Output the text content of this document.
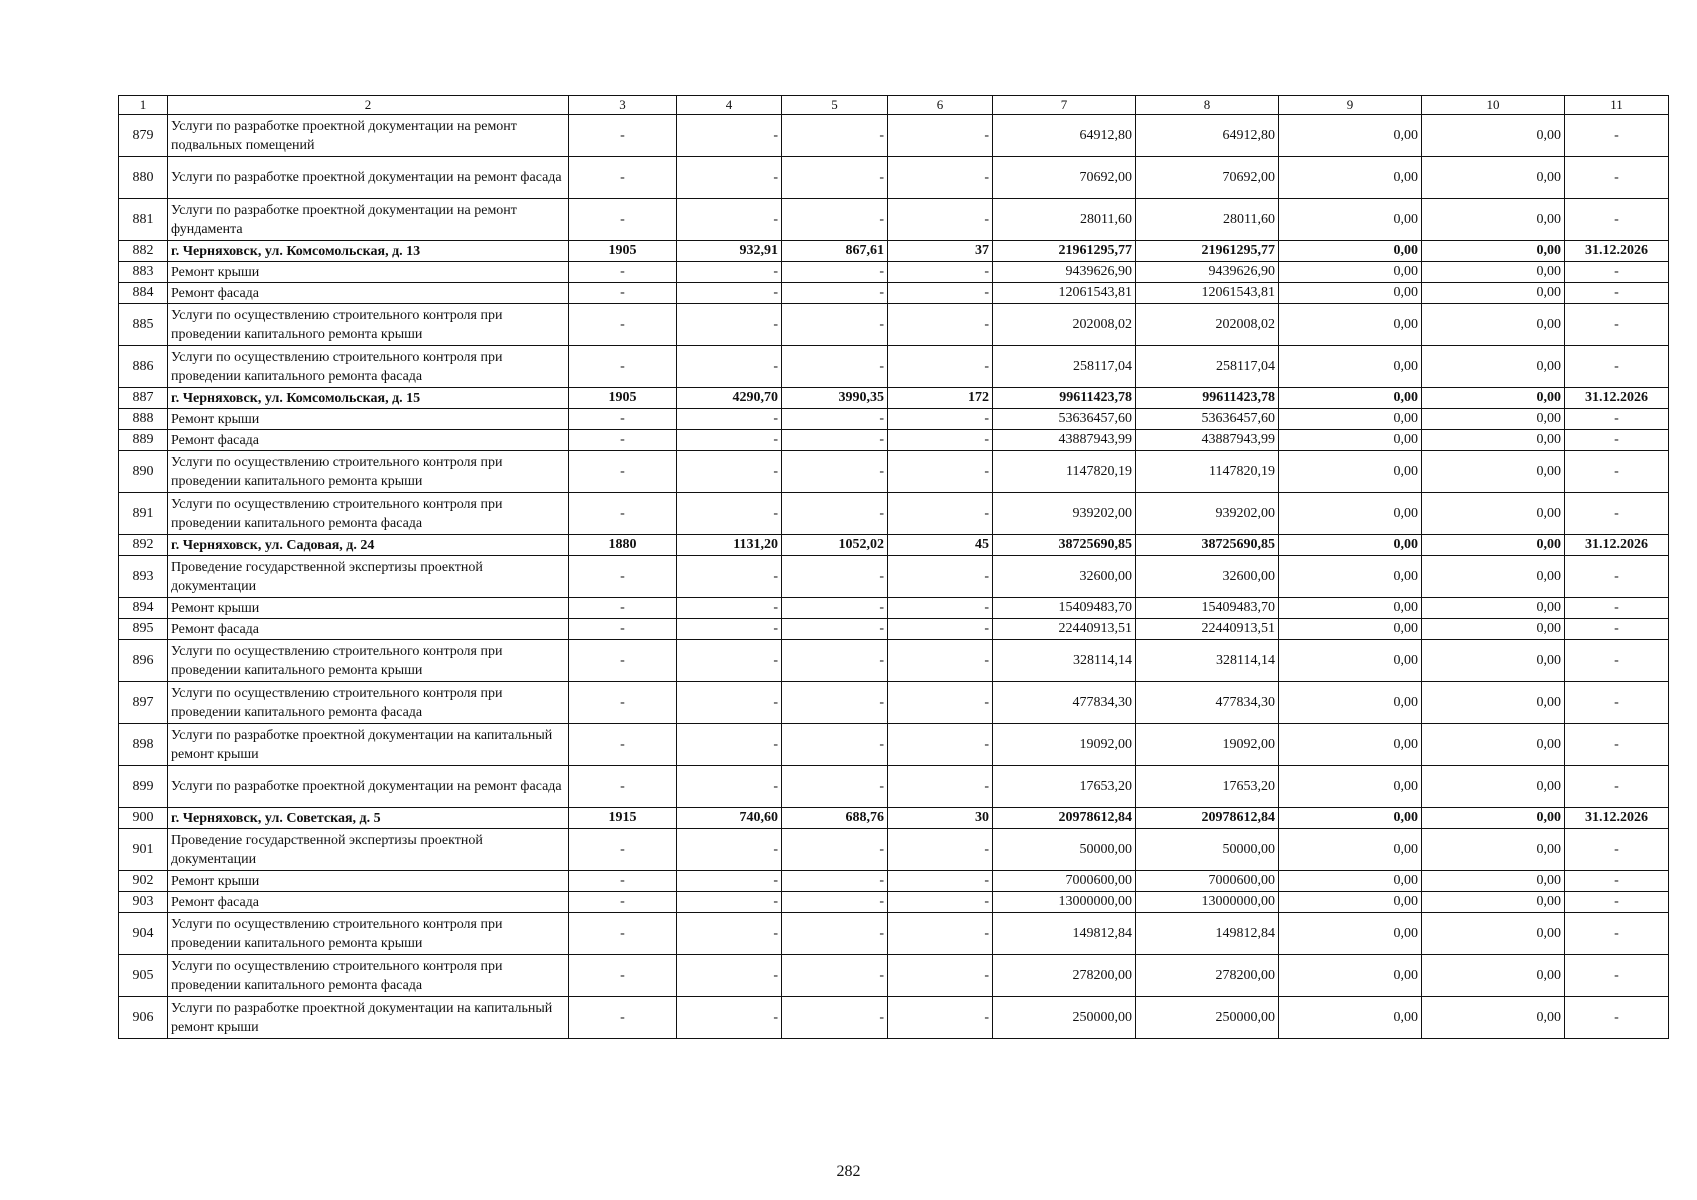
1	2	3	4	5	6	7	8	9	10	11
879	Услуги по разработке проектной документации на ремонт подвальных помещений	-	-	-	-	64912,80	64912,80	0,00	0,00	-
880	Услуги по разработке проектной документации на ремонт фасада	-	-	-	-	70692,00	70692,00	0,00	0,00	-
881	Услуги по разработке проектной документации на ремонт фундамента	-	-	-	-	28011,60	28011,60	0,00	0,00	-
882	г. Черняховск, ул. Комсомольская, д. 13	1905	932,91	867,61	37	21961295,77	21961295,77	0,00	0,00	31.12.2026
883	Ремонт крыши	-	-	-	-	9439626,90	9439626,90	0,00	0,00	-
884	Ремонт фасада	-	-	-	-	12061543,81	12061543,81	0,00	0,00	-
885	Услуги по осуществлению строительного контроля при проведении капитального ремонта крыши	-	-	-	-	202008,02	202008,02	0,00	0,00	-
886	Услуги по осуществлению строительного контроля при проведении капитального ремонта фасада	-	-	-	-	258117,04	258117,04	0,00	0,00	-
887	г. Черняховск, ул. Комсомольская, д. 15	1905	4290,70	3990,35	172	99611423,78	99611423,78	0,00	0,00	31.12.2026
888	Ремонт крыши	-	-	-	-	53636457,60	53636457,60	0,00	0,00	-
889	Ремонт фасада	-	-	-	-	43887943,99	43887943,99	0,00	0,00	-
890	Услуги по осуществлению строительного контроля при проведении капитального ремонта крыши	-	-	-	-	1147820,19	1147820,19	0,00	0,00	-
891	Услуги по осуществлению строительного контроля при проведении капитального ремонта фасада	-	-	-	-	939202,00	939202,00	0,00	0,00	-
892	г. Черняховск, ул. Садовая, д. 24	1880	1131,20	1052,02	45	38725690,85	38725690,85	0,00	0,00	31.12.2026
893	Проведение государственной экспертизы проектной документации	-	-	-	-	32600,00	32600,00	0,00	0,00	-
894	Ремонт крыши	-	-	-	-	15409483,70	15409483,70	0,00	0,00	-
895	Ремонт фасада	-	-	-	-	22440913,51	22440913,51	0,00	0,00	-
896	Услуги по осуществлению строительного контроля при проведении капитального ремонта крыши	-	-	-	-	328114,14	328114,14	0,00	0,00	-
897	Услуги по осуществлению строительного контроля при проведении капитального ремонта фасада	-	-	-	-	477834,30	477834,30	0,00	0,00	-
898	Услуги по разработке проектной документации на капитальный ремонт крыши	-	-	-	-	19092,00	19092,00	0,00	0,00	-
899	Услуги по разработке проектной документации на ремонт фасада	-	-	-	-	17653,20	17653,20	0,00	0,00	-
900	г. Черняховск, ул. Советская, д. 5	1915	740,60	688,76	30	20978612,84	20978612,84	0,00	0,00	31.12.2026
901	Проведение государственной экспертизы проектной документации	-	-	-	-	50000,00	50000,00	0,00	0,00	-
902	Ремонт крыши	-	-	-	-	7000600,00	7000600,00	0,00	0,00	-
903	Ремонт фасада	-	-	-	-	13000000,00	13000000,00	0,00	0,00	-
904	Услуги по осуществлению строительного контроля при проведении капитального ремонта крыши	-	-	-	-	149812,84	149812,84	0,00	0,00	-
905	Услуги по осуществлению строительного контроля при проведении капитального ремонта фасада	-	-	-	-	278200,00	278200,00	0,00	0,00	-
906	Услуги по разработке проектной документации на капитальный ремонт крыши	-	-	-	-	250000,00	250000,00	0,00	0,00	-
282
